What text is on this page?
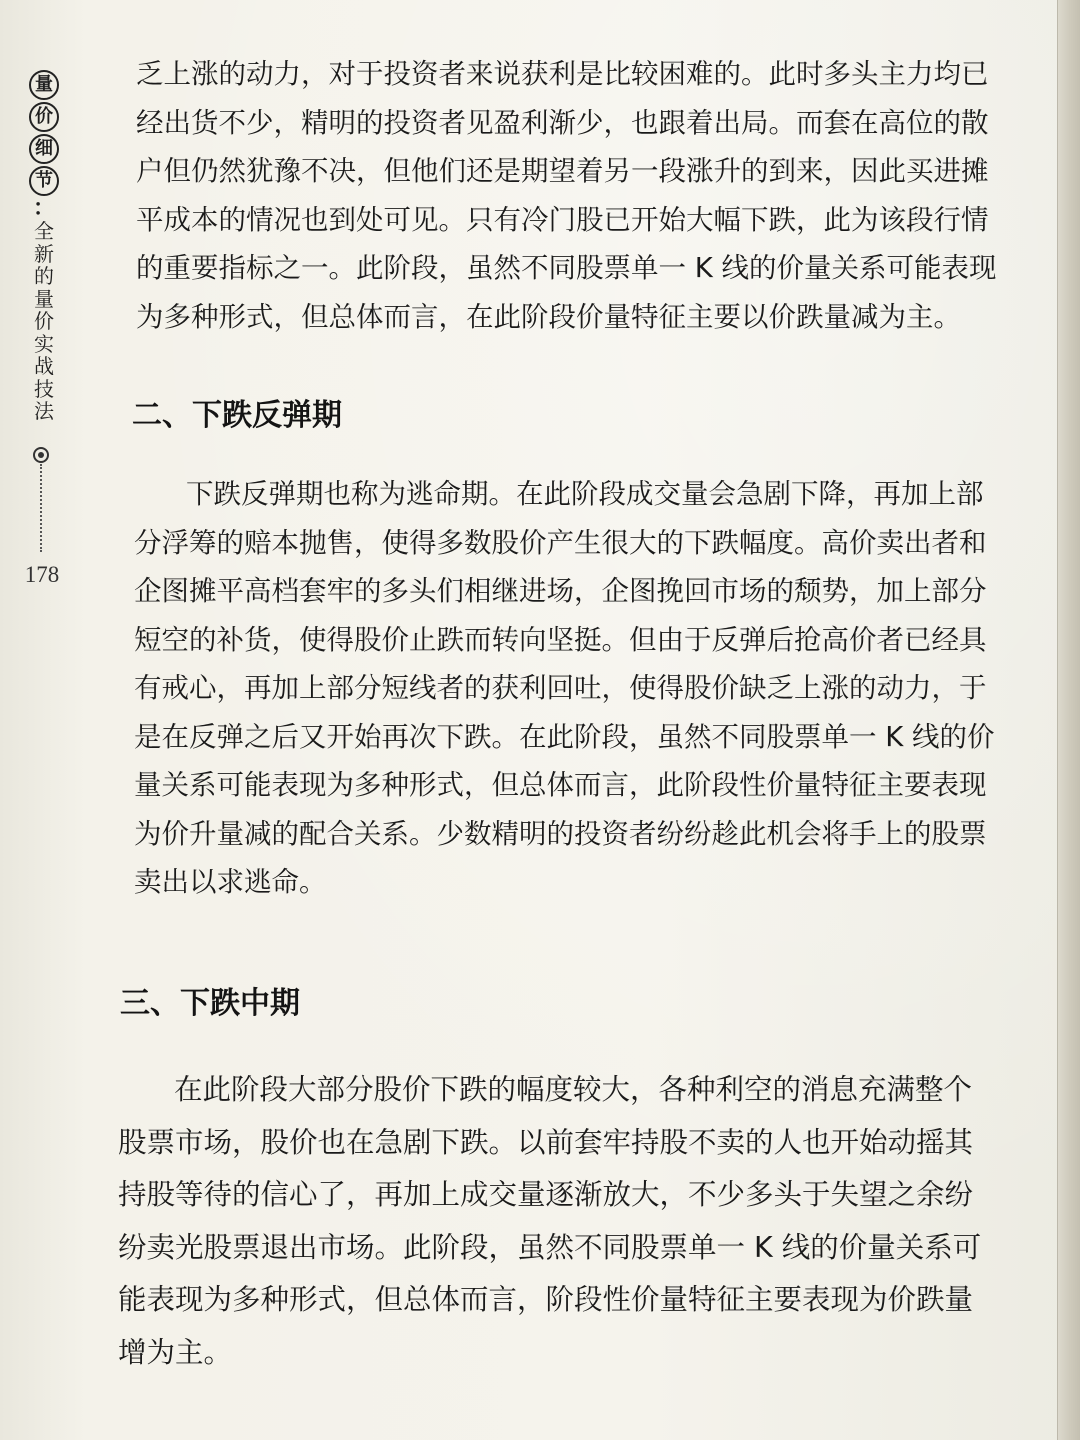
量
价
细
节
：
全
新
的
量
价
实
战
技
法
178
乏上涨的动力，对于投资者来说获利是比较困难的。此时多头主力均已
经出货不少，精明的投资者见盈利渐少，也跟着出局。而套在高位的散
户但仍然犹豫不决，但他们还是期望着另一段涨升的到来，因此买进摊
平成本的情况也到处可见。只有冷门股已开始大幅下跌，此为该段行情
的重要指标之一。此阶段，虽然不同股票单一 K 线的价量关系可能表现
为多种形式，但总体而言，在此阶段价量特征主要以价跌量减为主。
二、下跌反弹期
下跌反弹期也称为逃命期。在此阶段成交量会急剧下降，再加上部
分浮筹的赔本抛售，使得多数股价产生很大的下跌幅度。高价卖出者和
企图摊平高档套牢的多头们相继进场，企图挽回市场的颓势，加上部分
短空的补货，使得股价止跌而转向坚挺。但由于反弹后抢高价者已经具
有戒心，再加上部分短线者的获利回吐，使得股价缺乏上涨的动力，于
是在反弹之后又开始再次下跌。在此阶段，虽然不同股票单一 K 线的价
量关系可能表现为多种形式，但总体而言，此阶段性价量特征主要表现
为价升量减的配合关系。少数精明的投资者纷纷趁此机会将手上的股票
卖出以求逃命。
三、下跌中期
在此阶段大部分股价下跌的幅度较大，各种利空的消息充满整个
股票市场，股价也在急剧下跌。以前套牢持股不卖的人也开始动摇其
持股等待的信心了，再加上成交量逐渐放大，不少多头于失望之余纷
纷卖光股票退出市场。此阶段，虽然不同股票单一 K 线的价量关系可
能表现为多种形式，但总体而言，阶段性价量特征主要表现为价跌量
增为主。
